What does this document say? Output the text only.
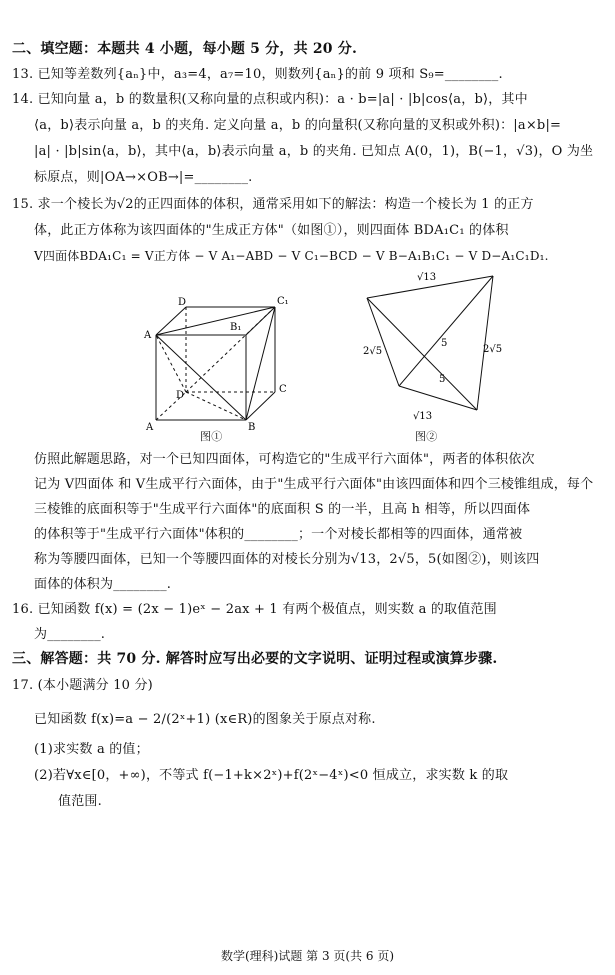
二、填空题：本题共 4 小题，每小题 5 分，共 20 分.
13. 已知等差数列{aₙ}中，a₃=4，a₇=10，则数列{aₙ}的前 9 项和 S₉=________.
14. 已知向量 a，b 的数量积(又称向量的点积或内积)：a · b=|a| · |b|cos⟨a，b⟩，其中
⟨a，b⟩表示向量 a，b 的夹角. 定义向量 a，b 的向量积(又称向量的叉积或外积)：|a×b|=
|a| · |b|sin⟨a，b⟩，其中⟨a，b⟩表示向量 a，b 的夹角. 已知点 A(0，1)，B(−1，√3)，O 为坐
标原点，则|OA→×OB→|=________.
15. 求一个棱长为√2的正四面体的体积，通常采用如下的解法：构造一个棱长为 1 的正方
体，此正方体称为该四面体的"生成正方体"（如图①），则四面体 BDA₁C₁ 的体积
V四面体BDA₁C₁ = V正方体 − V A₁−ABD − V C₁−BCD − V B−A₁B₁C₁ − V D−A₁C₁D₁.
D	C₁
A
B₁
D
C
A	B
图①
√13
2√5	2√5
5
5
√13
图②
仿照此解题思路，对一个已知四面体，可构造它的"生成平行六面体"，两者的体积依次
记为 V四面体 和 V生成平行六面体，由于"生成平行六面体"由该四面体和四个三棱锥组成，每个
三棱锥的底面积等于"生成平行六面体"的底面积 S 的一半，且高 h 相等，所以四面体
的体积等于"生成平行六面体"体积的________；一个对棱长都相等的四面体，通常被
称为等腰四面体，已知一个等腰四面体的对棱长分别为√13，2√5，5(如图②)，则该四
面体的体积为________.
16. 已知函数 f(x) = (2x − 1)eˣ − 2ax + 1 有两个极值点，则实数 a 的取值范围
为________.
三、解答题：共 70 分. 解答时应写出必要的文字说明、证明过程或演算步骤.
17. (本小题满分 10 分)
已知函数 f(x)=a − 2/(2ˣ+1) (x∈R)的图象关于原点对称.
(1)求实数 a 的值；
(2)若∀x∈[0，+∞)，不等式 f(−1+k×2ˣ)+f(2ˣ−4ˣ)<0 恒成立，求实数 k 的取
值范围.
数学(理科)试题 第 3 页(共 6 页)
